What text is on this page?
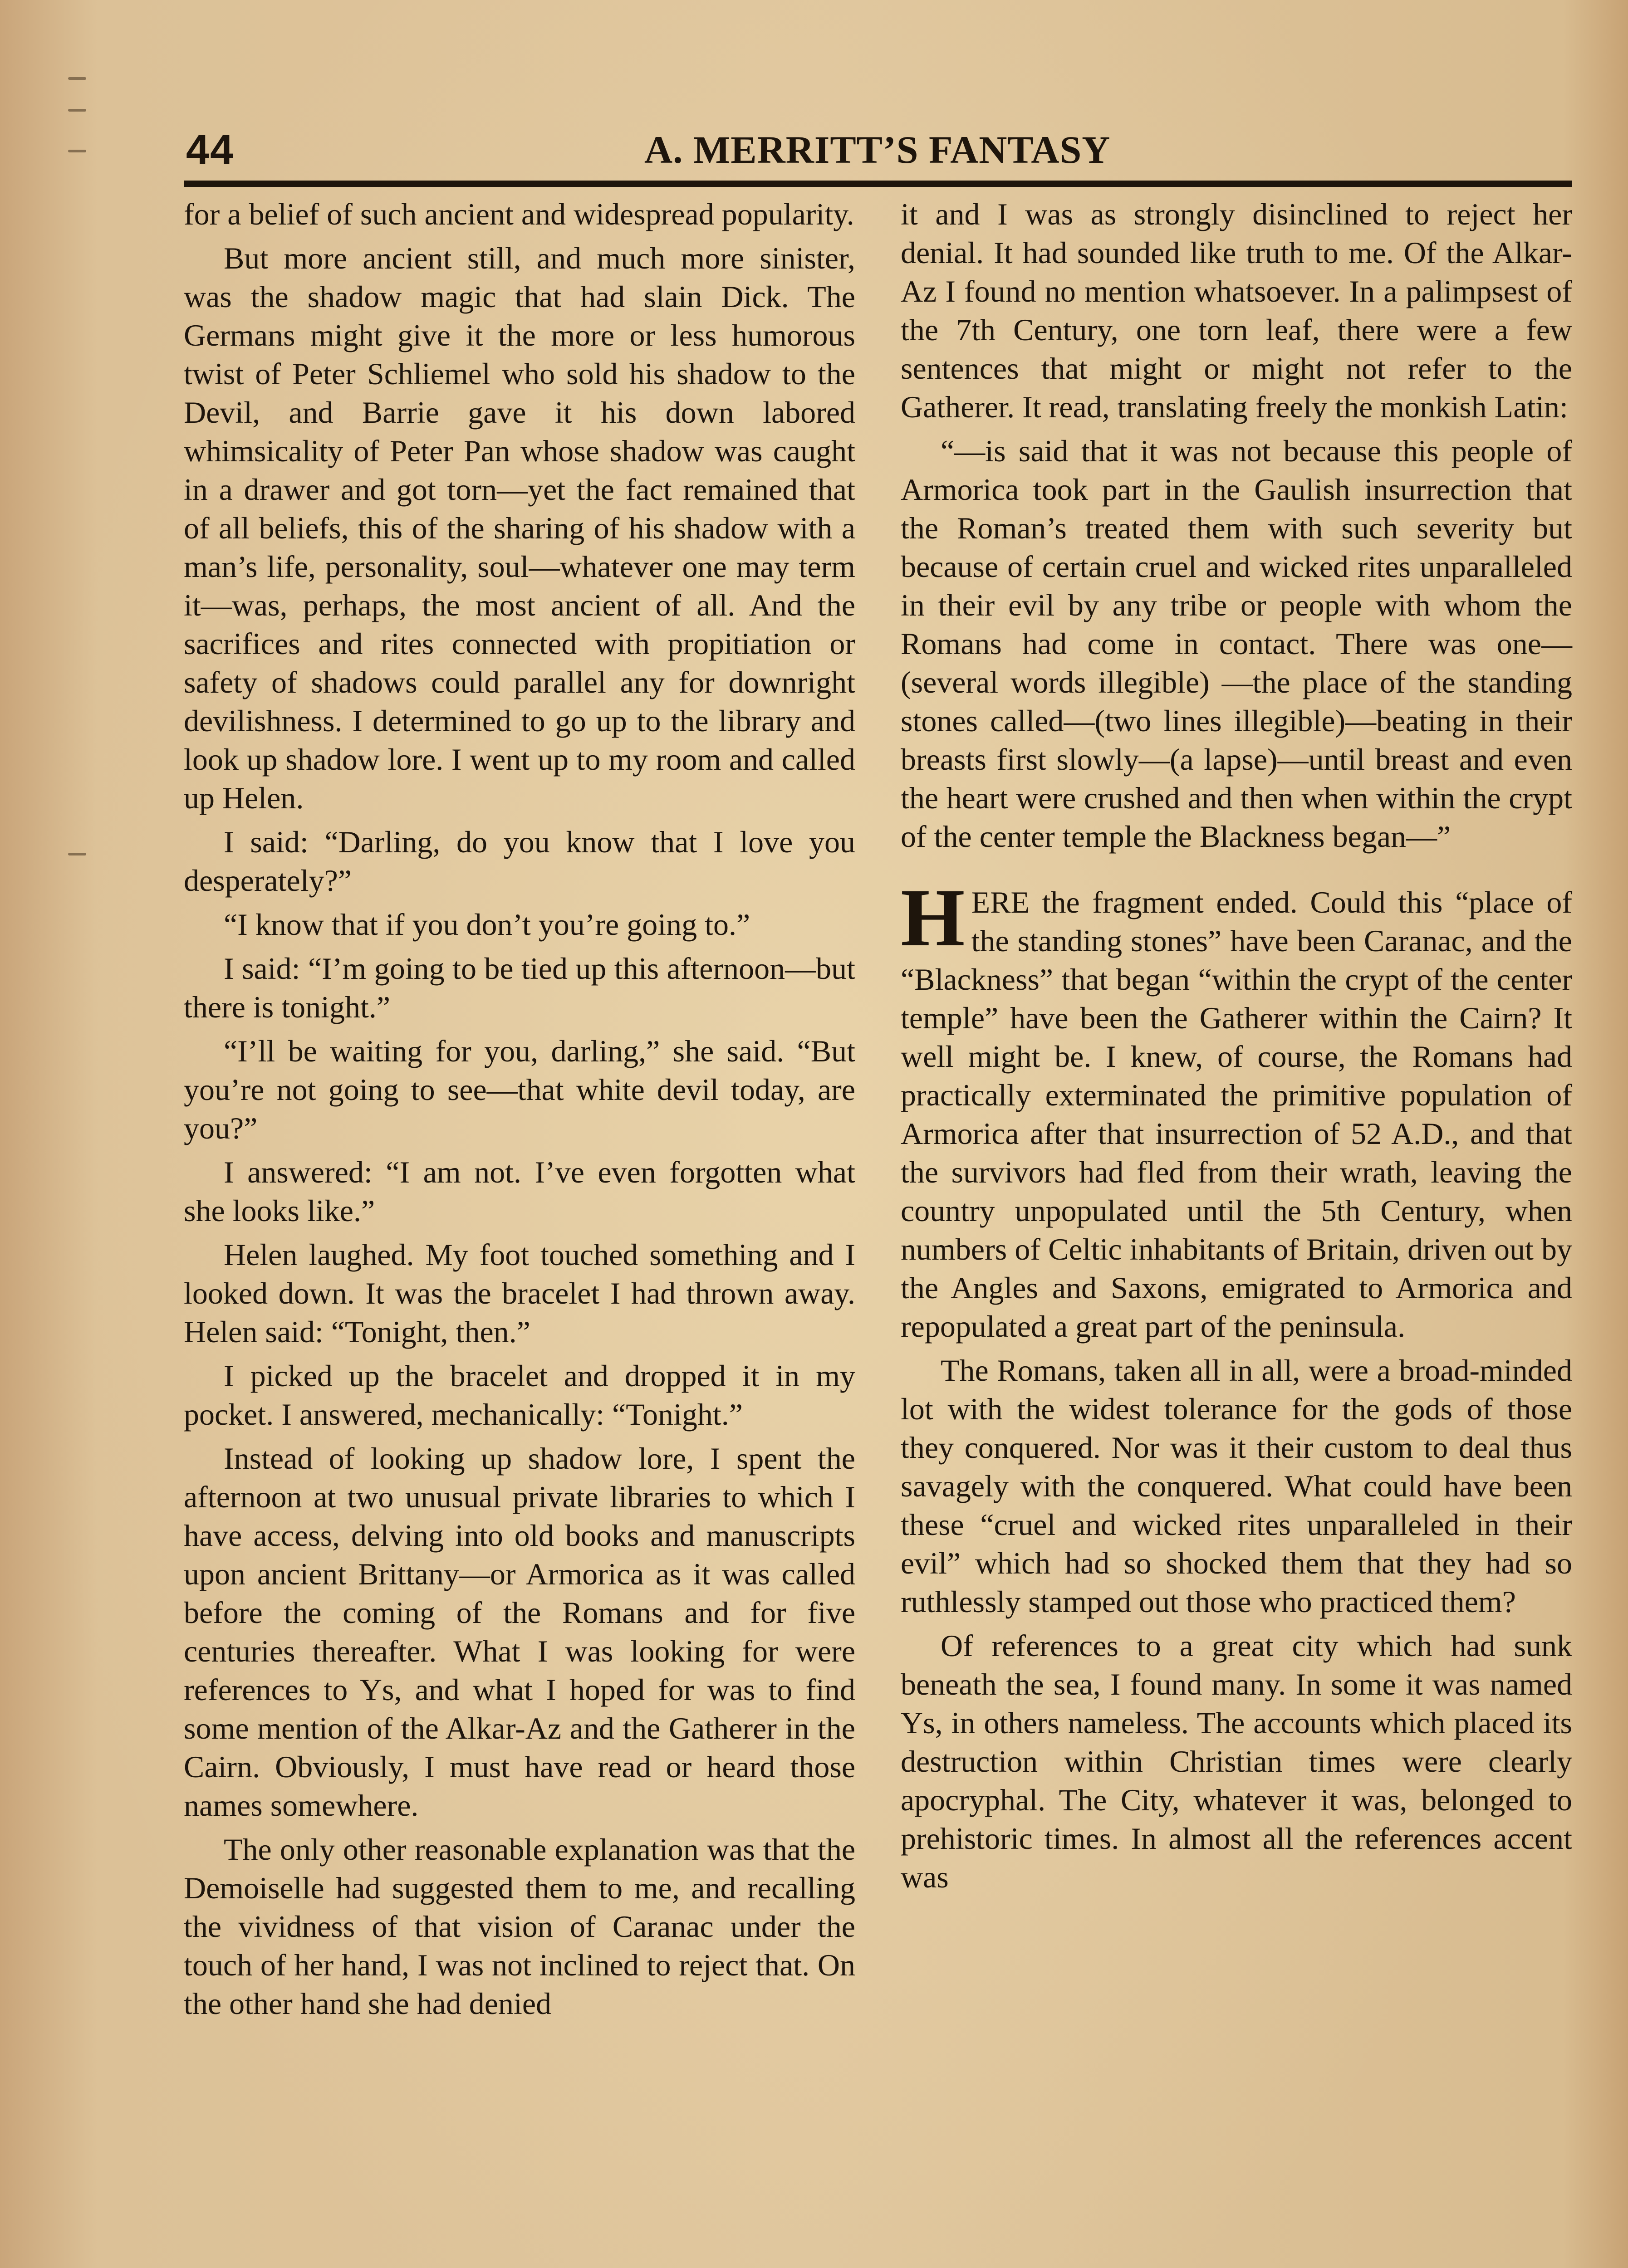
44	A. MERRITT’S FANTASY

for a belief of such ancient and widespread popularity.

But more ancient still, and much more sinister, was the shadow magic that had slain Dick. The Germans might give it the more or less humorous twist of Peter Schliemel who sold his shadow to the Devil, and Barrie gave it his down labored whimsicality of Peter Pan whose shadow was caught in a drawer and got torn—yet the fact remained that of all beliefs, this of the sharing of his shadow with a man’s life, personality, soul—whatever one may term it—was, perhaps, the most ancient of all. And the sacrifices and rites connected with propitiation or safety of shadows could parallel any for downright devilishness. I determined to go up to the library and look up shadow lore. I went up to my room and called up Helen.

I said: “Darling, do you know that I love you desperately?”

“I know that if you don’t you’re going to.”

I said: “I’m going to be tied up this afternoon—but there is tonight.”

“I’ll be waiting for you, darling,” she said. “But you’re not going to see—that white devil today, are you?”

I answered: “I am not. I’ve even forgotten what she looks like.”

Helen laughed. My foot touched something and I looked down. It was the bracelet I had thrown away. Helen said: “Tonight, then.”

I picked up the bracelet and dropped it in my pocket. I answered, mechanically: “Tonight.”

Instead of looking up shadow lore, I spent the afternoon at two unusual private libraries to which I have access, delving into old books and manuscripts upon ancient Brittany—or Armorica as it was called before the coming of the Romans and for five centuries thereafter. What I was looking for were references to Ys, and what I hoped for was to find some mention of the Alkar-Az and the Gatherer in the Cairn. Obviously, I must have read or heard those names somewhere.

The only other reasonable explanation was that the Demoiselle had suggested them to me, and recalling the vividness of that vision of Caranac under the touch of her hand, I was not inclined to reject that. On the other hand she had denied

it and I was as strongly disinclined to reject her denial. It had sounded like truth to me. Of the Alkar-Az I found no mention whatsoever. In a palimpsest of the 7th Century, one torn leaf, there were a few sentences that might or might not refer to the Gatherer. It read, translating freely the monkish Latin:

“—is said that it was not because this people of Armorica took part in the Gaulish insurrection that the Roman’s treated them with such severity but because of certain cruel and wicked rites unparalleled in their evil by any tribe or people with whom the Romans had come in contact. There was one—(several words illegible) —the place of the standing stones called—(two lines illegible)—beating in their breasts first slowly—(a lapse)—until breast and even the heart were crushed and then when within the crypt of the center temple the Blackness began—”

HERE the fragment ended. Could this “place of the standing stones” have been Caranac, and the “Blackness” that began “within the crypt of the center temple” have been the Gatherer within the Cairn? It well might be. I knew, of course, the Romans had practically exterminated the primitive population of Armorica after that insurrection of 52 A.D., and that the survivors had fled from their wrath, leaving the country unpopulated until the 5th Century, when numbers of Celtic inhabitants of Britain, driven out by the Angles and Saxons, emigrated to Armorica and repopulated a great part of the peninsula.

The Romans, taken all in all, were a broad-minded lot with the widest tolerance for the gods of those they conquered. Nor was it their custom to deal thus savagely with the conquered. What could have been these “cruel and wicked rites unparalleled in their evil” which had so shocked them that they had so ruthlessly stamped out those who practiced them?

Of references to a great city which had sunk beneath the sea, I found many. In some it was named Ys, in others nameless. The accounts which placed its destruction within Christian times were clearly apocryphal. The City, whatever it was, belonged to prehistoric times. In almost all the references accent was
